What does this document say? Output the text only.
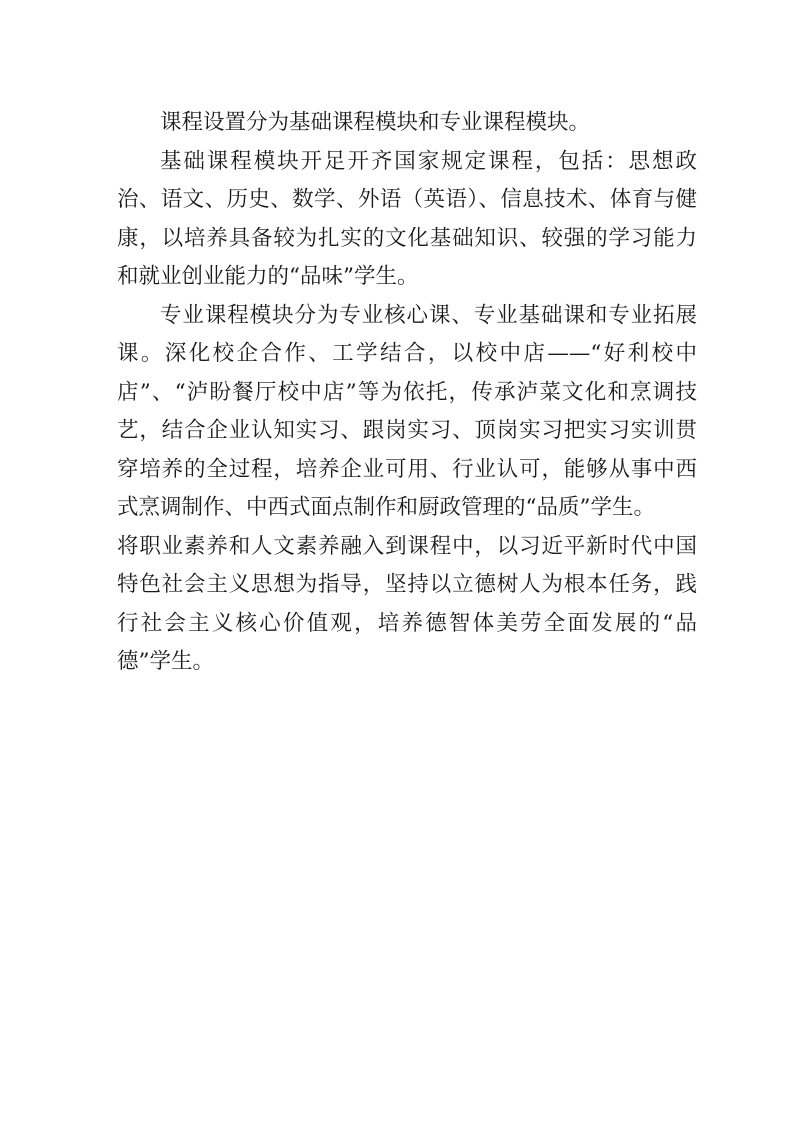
课程设置分为基础课程模块和专业课程模块。

基础课程模块开足开齐国家规定课程，包括：思想政治、语文、历史、数学、外语（英语）、信息技术、体育与健康，以培养具备较为扎实的文化基础知识、较强的学习能力和就业创业能力的“品味”学生。

专业课程模块分为专业核心课、专业基础课和专业拓展课。深化校企合作、工学结合，以校中店——“好利校中店”、“泸盼餐厅校中店”等为依托，传承泸菜文化和烹调技艺，结合企业认知实习、跟岗实习、顶岗实习把实习实训贯穿培养的全过程，培养企业可用、行业认可，能够从事中西式烹调制作、中西式面点制作和厨政管理的“品质”学生。

将职业素养和人文素养融入到课程中，以习近平新时代中国特色社会主义思想为指导，坚持以立德树人为根本任务，践行社会主义核心价值观，培养德智体美劳全面发展的“品德”学生。
